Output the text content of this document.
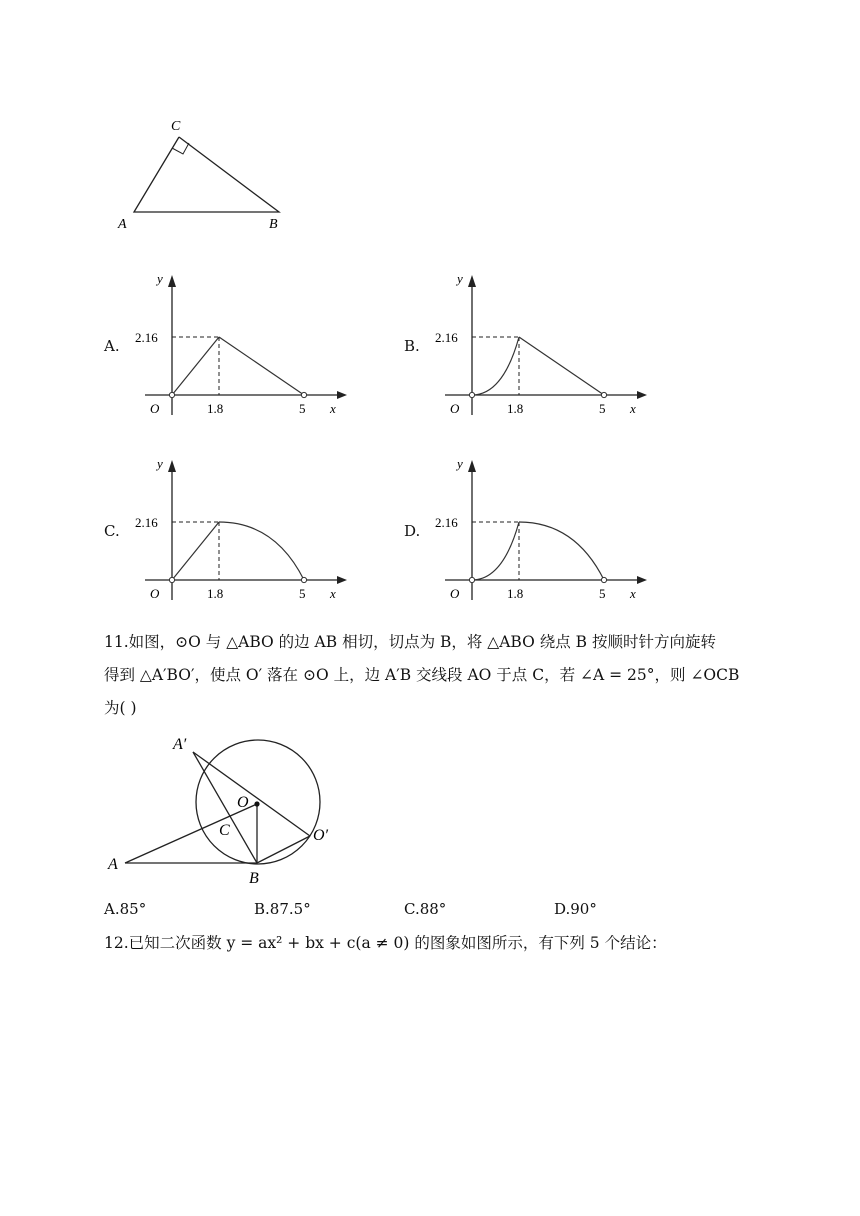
C
A	B
A.
y
2.16
O	1.8	5 x
B.
y
2.16
O	1.8	5 x
C.
y
2.16
O	1.8	5 x
D.
y
2.16
O	1.8	5 x
11.如图，⊙O 与 △ABO 的边 AB 相切，切点为 B，将 △ABO 绕点 B 按顺时针方向旋转
得到 △A′BO′，使点 O′ 落在 ⊙O 上，边 A′B 交线段 AO 于点 C，若 ∠A = 25°，则 ∠OCB
为( )
A′
O
C	O′
A
B
A.85°	B.87.5°	C.88°	D.90°
12.已知二次函数 y = ax² + bx + c(a ≠ 0) 的图象如图所示，有下列 5 个结论：
